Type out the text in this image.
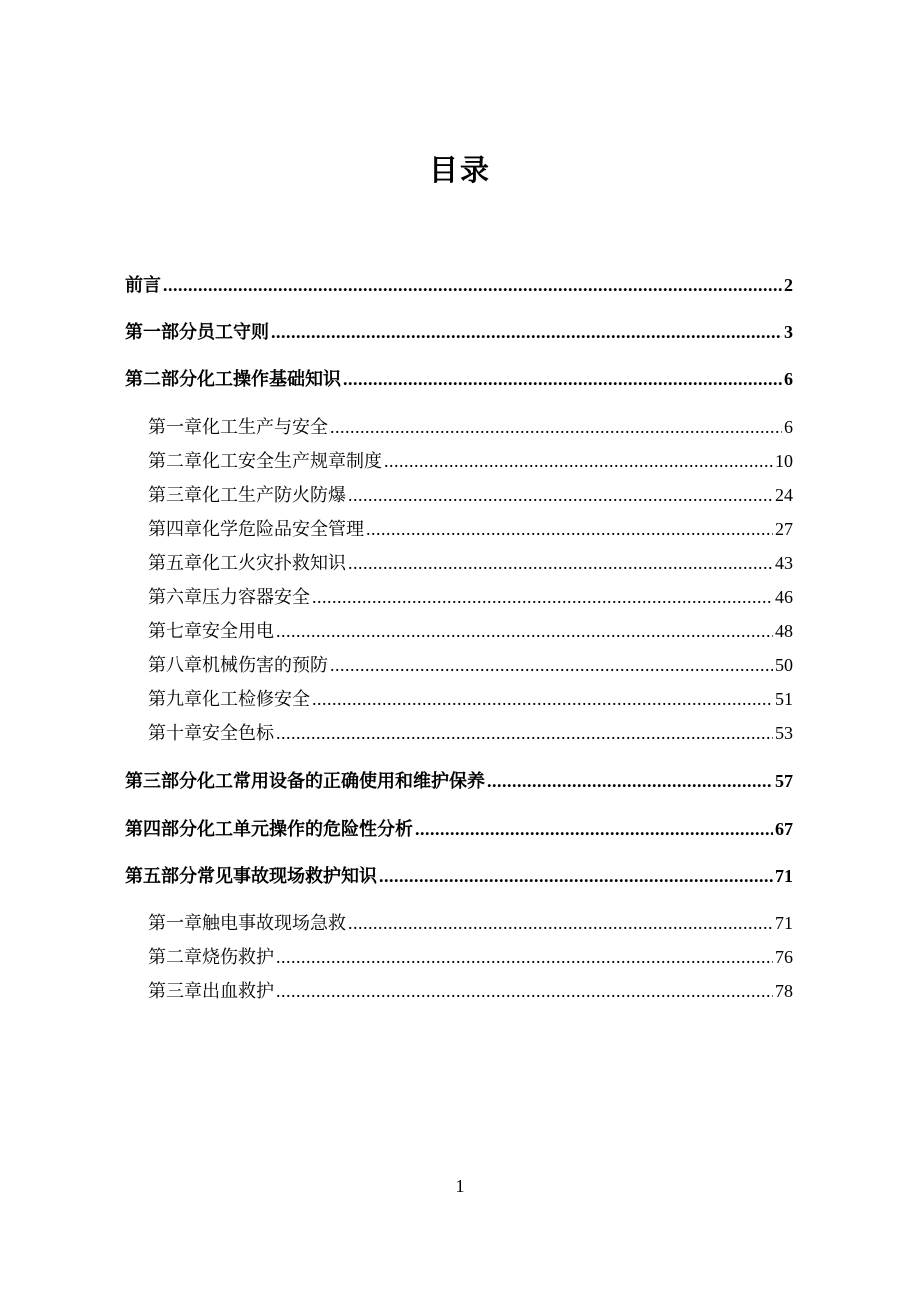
目录
前言 .....	2
第一部分 员工守则 .....	3
第二部分 化工操作基础知识 .....	6
第一章 化工生产与安全 .....	6
第二章 化工安全生产规章制度 .....	10
第三章 化工生产防火防爆 .....	24
第四章 化学危险品安全管理 .....	27
第五章 化工火灾扑救知识 .....	43
第六章 压力容器安全 .....	46
第七章 安全用电 .....	48
第八章 机械伤害的预防 .....	50
第九章 化工检修安全 .....	51
第十章 安全色标 .....	53
第三部分 化工常用设备的正确使用和维护保养 .....	57
第四部分 化工单元操作的危险性分析 .....	67
第五部分 常见事故现场救护知识 .....	71
第一章 触电事故现场急救 .....	71
第二章 烧伤救护 .....	76
第三章 出血救护 .....	78
1
